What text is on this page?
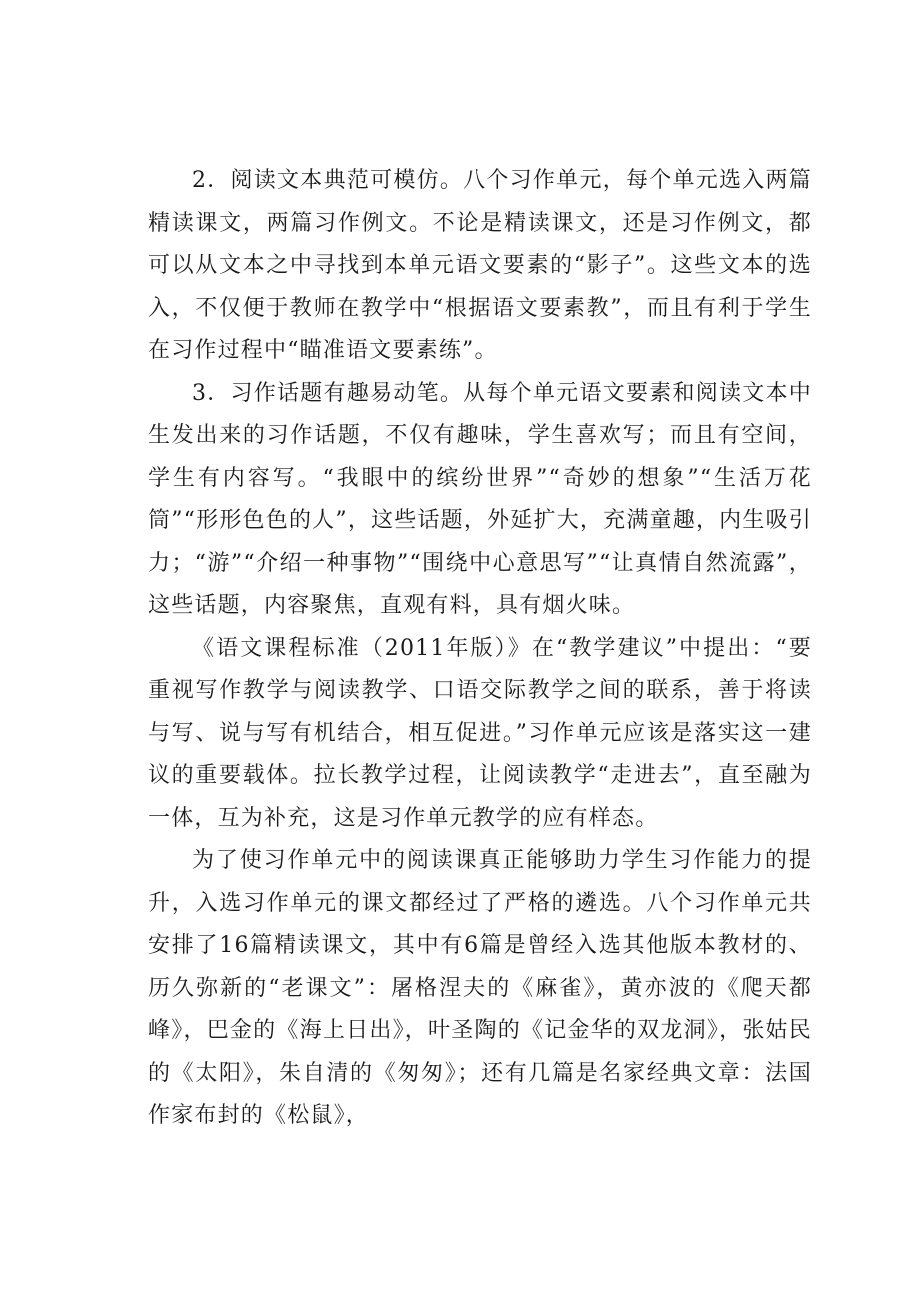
2．阅读文本典范可模仿。八个习作单元，每个单元选入两篇精读课文，两篇习作例文。不论是精读课文，还是习作例文，都可以从文本之中寻找到本单元语文要素的“影子”。这些文本的选入，不仅便于教师在教学中“根据语文要素教”，而且有利于学生在习作过程中“瞄准语文要素练”。

3．习作话题有趣易动笔。从每个单元语文要素和阅读文本中生发出来的习作话题，不仅有趣味，学生喜欢写；而且有空间，学生有内容写。“我眼中的缤纷世界”“奇妙的想象”“生活万花筒”“形形色色的人”，这些话题，外延扩大，充满童趣，内生吸引力；“游”“介绍一种事物”“围绕中心意思写”“让真情自然流露”，这些话题，内容聚焦，直观有料，具有烟火味。

《语文课程标准（2011年版）》在“教学建议”中提出：“要重视写作教学与阅读教学、口语交际教学之间的联系，善于将读与写、说与写有机结合，相互促进。”习作单元应该是落实这一建议的重要载体。拉长教学过程，让阅读教学“走进去”，直至融为一体，互为补充，这是习作单元教学的应有样态。

为了使习作单元中的阅读课真正能够助力学生习作能力的提升，入选习作单元的课文都经过了严格的遴选。八个习作单元共安排了16篇精读课文，其中有6篇是曾经入选其他版本教材的、历久弥新的“老课文”：屠格涅夫的《麻雀》，黄亦波的《爬天都峰》，巴金的《海上日出》，叶圣陶的《记金华的双龙洞》，张姑民的《太阳》，朱自清的《匆匆》；还有几篇是名家经典文章：法国作家布封的《松鼠》，
